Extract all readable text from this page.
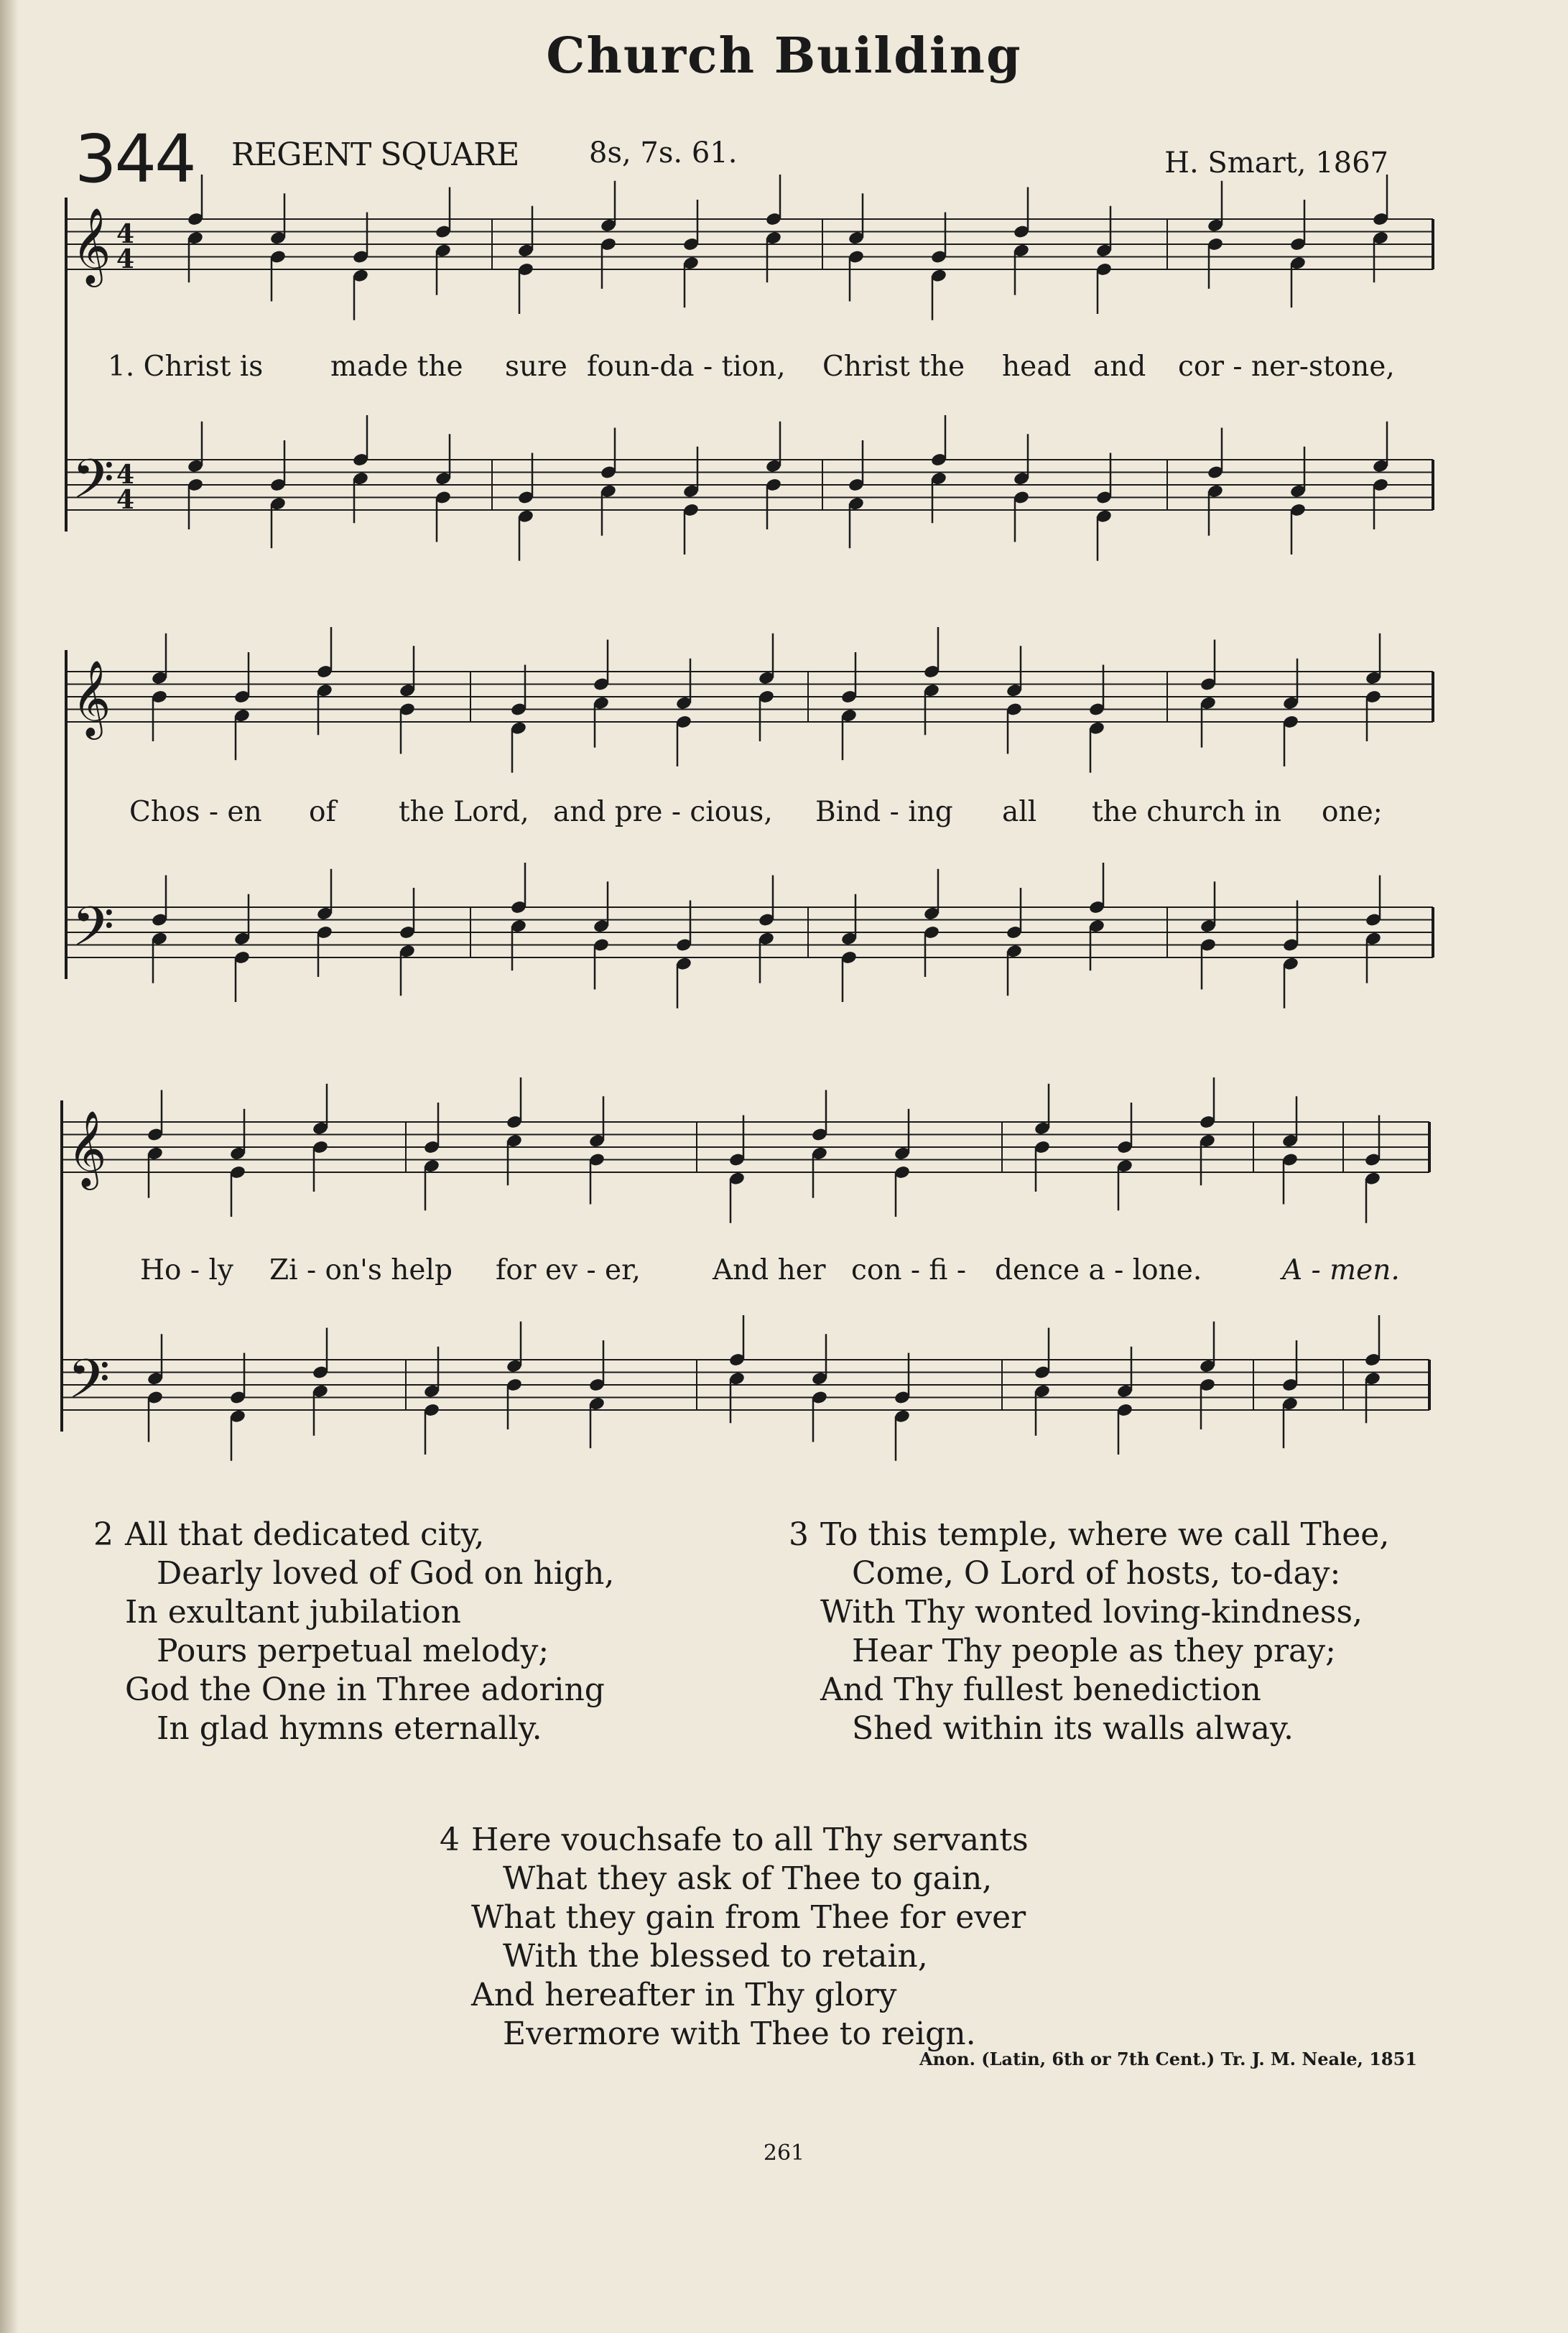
Church Building
344 REGENT SQUARE 8s, 7s. 61.	H. Smart, 1867
𝄞 4
4
𝄢 4
4
𝄞
𝄢
𝄞
𝄢
1. Christ is made the sure foun-da - tion, Christ the head and cor - ner-stone,
Chos - en of the Lord, and pre - cious, Bind - ing all the church in one;
Ho - ly Zi - on's help for ev - er,	And her con - fi - dence a - lone.	A - men.
2 All that dedicated city,
Dearly loved of God on high,
In exultant jubilation
Pours perpetual melody;
God the One in Three adoring
In glad hymns eternally.
3 To this temple, where we call Thee,
Come, O Lord of hosts, to-day:
With Thy wonted loving-kindness,
Hear Thy people as they pray;
And Thy fullest benediction
Shed within its walls alway.
4 Here vouchsafe to all Thy servants
What they ask of Thee to gain,
What they gain from Thee for ever
With the blessed to retain,
And hereafter in Thy glory
Evermore with Thee to reign.
Anon. (Latin, 6th or 7th Cent.) Tr. J. M. Neale, 1851
261
